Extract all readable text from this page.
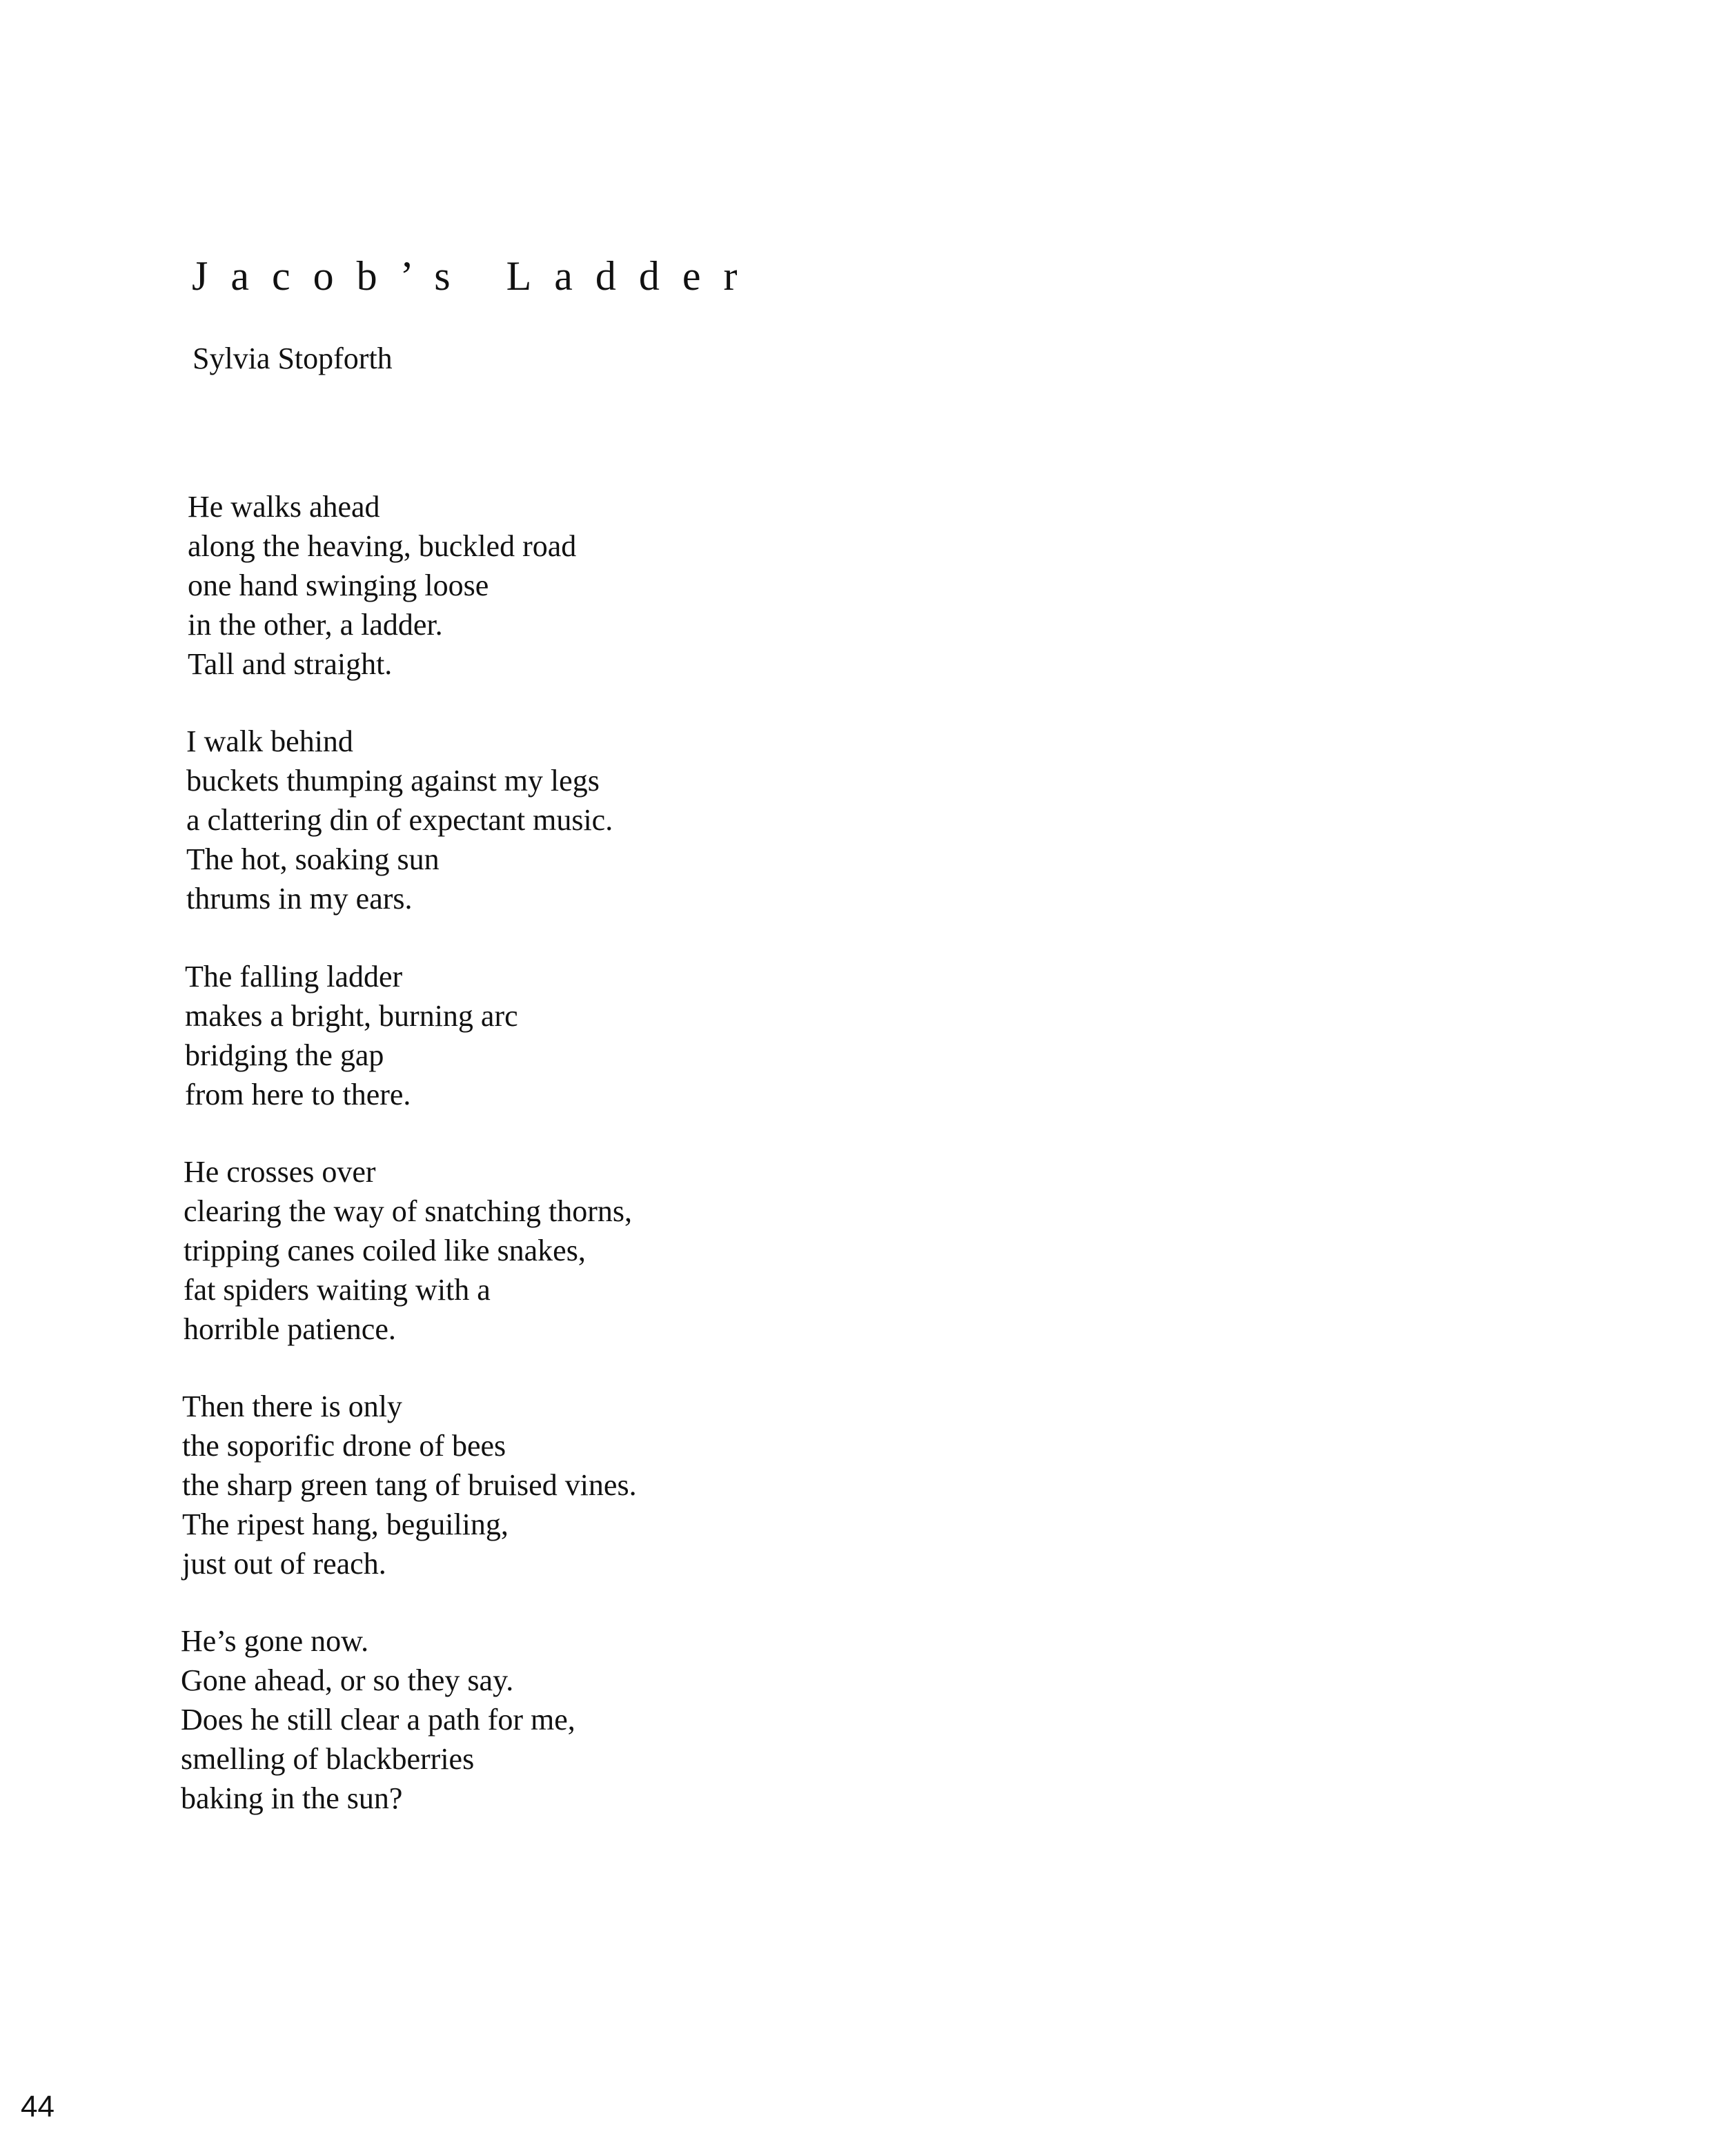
Jacob’s Ladder

Sylvia Stopforth

He walks ahead
along the heaving, buckled road
one hand swinging loose
in the other, a ladder.
Tall and straight.
I walk behind
buckets thumping against my legs
a clattering din of expectant music.
The hot, soaking sun
thrums in my ears.
The falling ladder
makes a bright, burning arc
bridging the gap
from here to there.
He crosses over
clearing the way of snatching thorns,
tripping canes coiled like snakes,
fat spiders waiting with a
horrible patience.
Then there is only
the soporific drone of bees
the sharp green tang of bruised vines.
The ripest hang, beguiling,
just out of reach.
He’s gone now.
Gone ahead, or so they say.
Does he still clear a path for me,
smelling of blackberries
baking in the sun?

44
